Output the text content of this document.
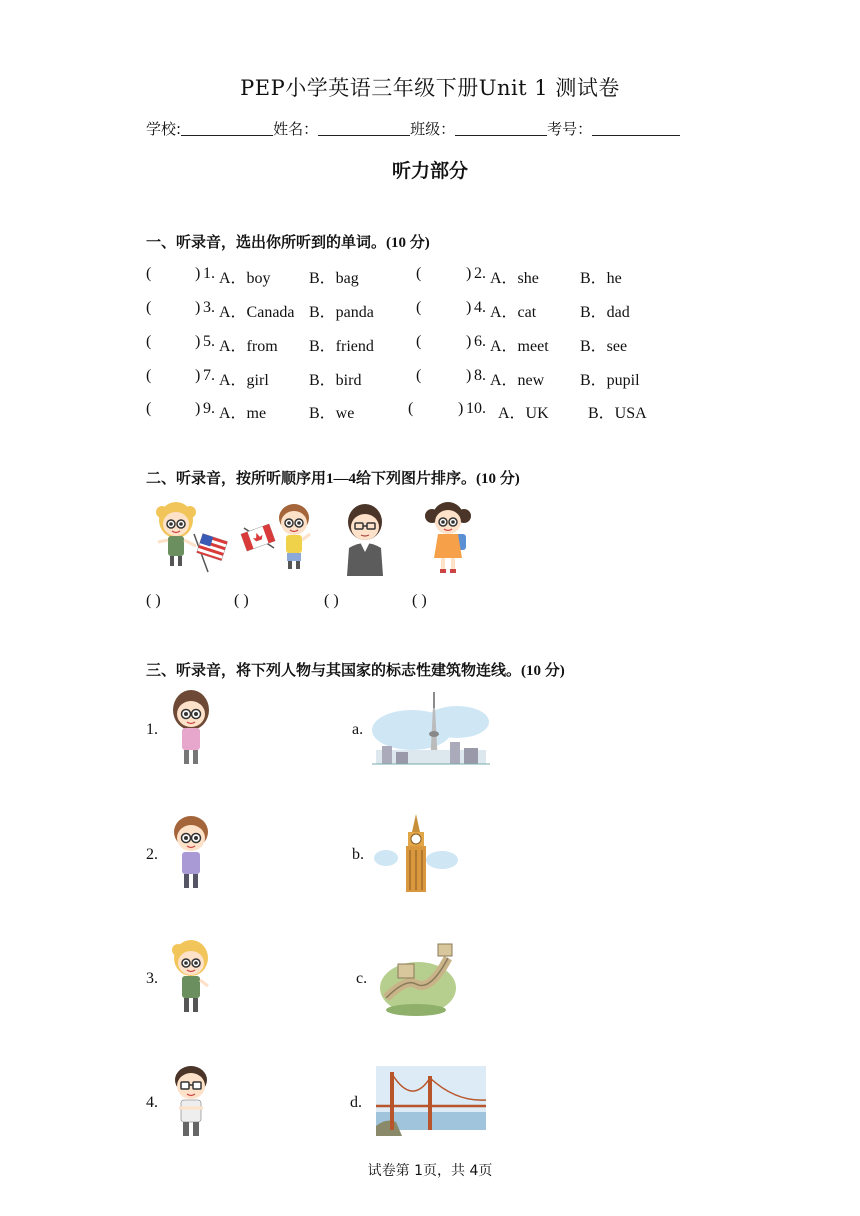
PEP小学英语三年级下册Unit 1 测试卷
学校:	姓名：	班级：	考号：
听力部分
一、听录音，选出你所听到的单词。(10 分)
(	) 1. A．boy B．bag	(	) 2. A．she	B．he
(	) 3. A．Canada B．panda	(	) 4. A．cat	B．dad
(	) 5. A．from B．friend	(	) 6. A．meet B．see
(	) 7. A．girl	B．bird	(	) 8. A．new B．pupil
(	) 9. A．me	B．we	(	) 10. A．UK B．USA
二、听录音，按所听顺序用1—4给下列图片排序。(10 分)
( )	( )	( )	( )
三、听录音，将下列人物与其国家的标志性建筑物连线。(10 分)
1.
2.
3.
4.
a.
b.
c.
d.
试卷第 1页，共 4页
